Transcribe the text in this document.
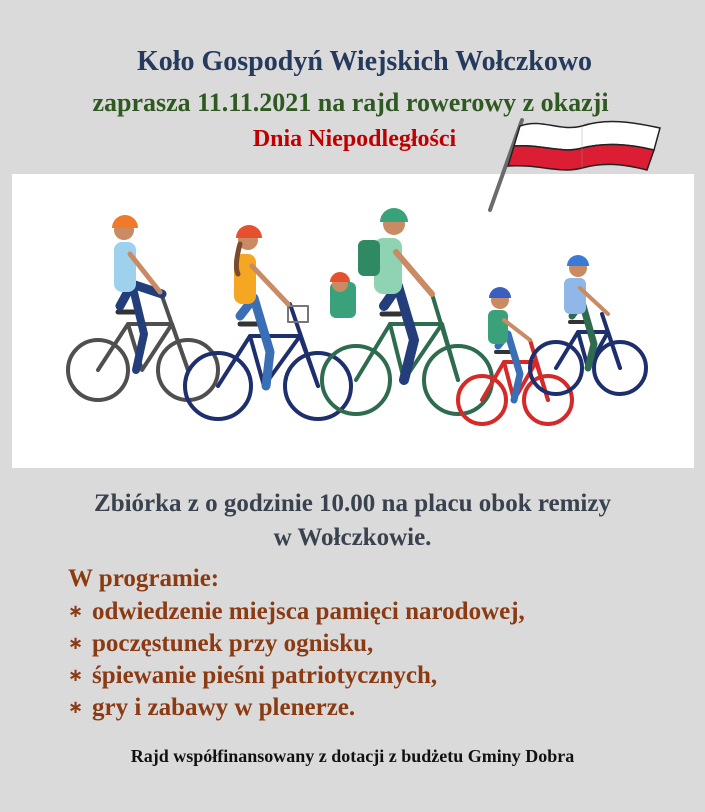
Koło Gospodyń Wiejskich Wołczkowo
zaprasza 11.11.2021 na rajd rowerowy z okazji
Dnia Niepodległości
Zbiórka z o godzinie 10.00 na placu obok remizy
w Wołczkowie.
W programie:
∗ odwiedzenie miejsca pamięci narodowej,
∗ poczęstunek przy ognisku,
∗ śpiewanie pieśni patriotycznych,
∗ gry i zabawy w plenerze.
Rajd współfinansowany z dotacji z budżetu Gminy Dobra
